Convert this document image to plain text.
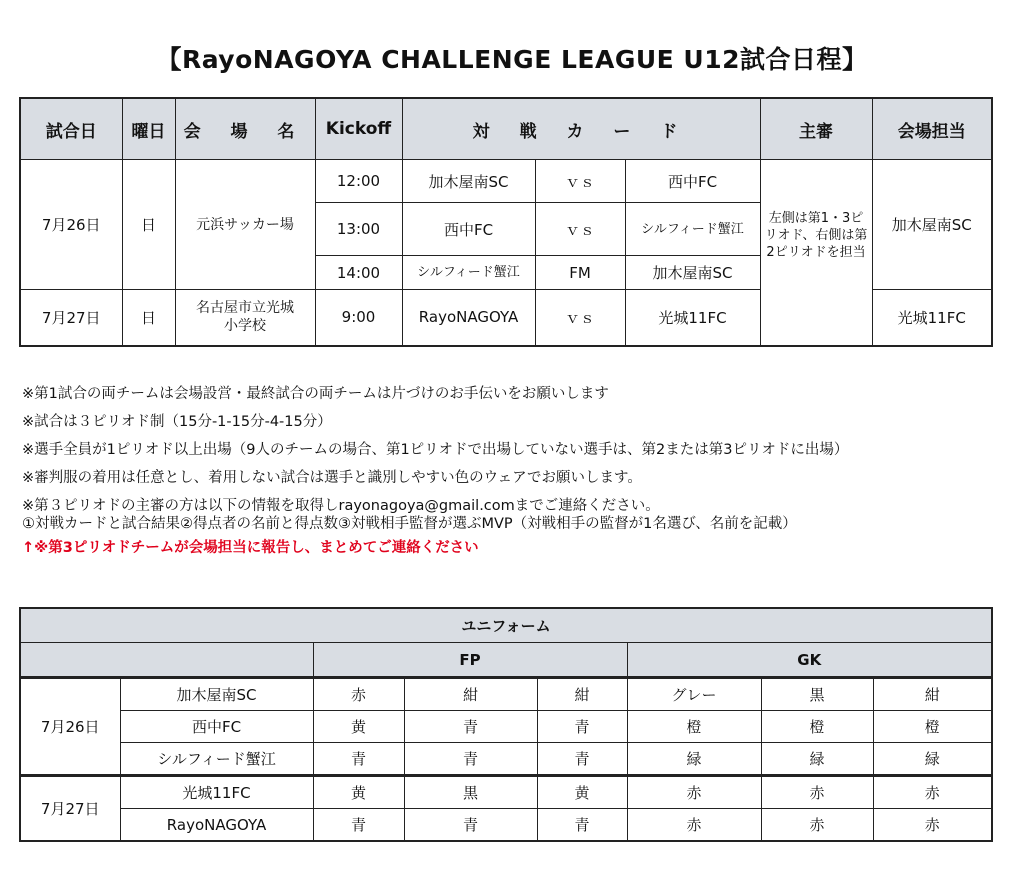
【RayoNAGOYA CHALLENGE LEAGUE U12試合日程】
試合日	曜日	会 場 名	Kickoff	対 戦 カ ー ド			主審	会場担当
7月26日	日	元浜サッカー場	12:00	加木屋南SC	ｖｓ	西中FC	左側は第1・3ピリオド、右側は第2ピリオドを担当	加木屋南SC
			13:00	西中FC	ｖｓ	シルフィード蟹江		
			14:00	シルフィード蟹江	FM	加木屋南SC		
7月27日	日	名古屋市立光城小学校	9:00	RayoNAGOYA	ｖｓ	光城11FC		光城11FC
※第1試合の両チームは会場設営・最終試合の両チームは片づけのお手伝いをお願いします
※試合は３ピリオド制（15分-1-15分-4-15分）
※選手全員が1ピリオド以上出場（9人のチームの場合、第1ピリオドで出場していない選手は、第2または第3ピリオドに出場）
※審判服の着用は任意とし、着用しない試合は選手と識別しやすい色のウェアでお願いします。
※第３ピリオドの主審の方は以下の情報を取得しrayonagoya@gmail.comまでご連絡ください。
①対戦カードと試合結果②得点者の名前と得点数③対戦相手監督が選ぶMVP（対戦相手の監督が1名選び、名前を記載）
↑※第3ピリオドチームが会場担当に報告し、まとめてご連絡ください
ユニフォーム							
		FP			GK		
7月26日	加木屋南SC	赤	紺	紺	グレー	黒	紺
	西中FC	黄	青	青	橙	橙	橙
	シルフィード蟹江	青	青	青	緑	緑	緑
7月27日	光城11FC	黄	黒	黄	赤	赤	赤
	RayoNAGOYA	青	青	青	赤	赤	赤
